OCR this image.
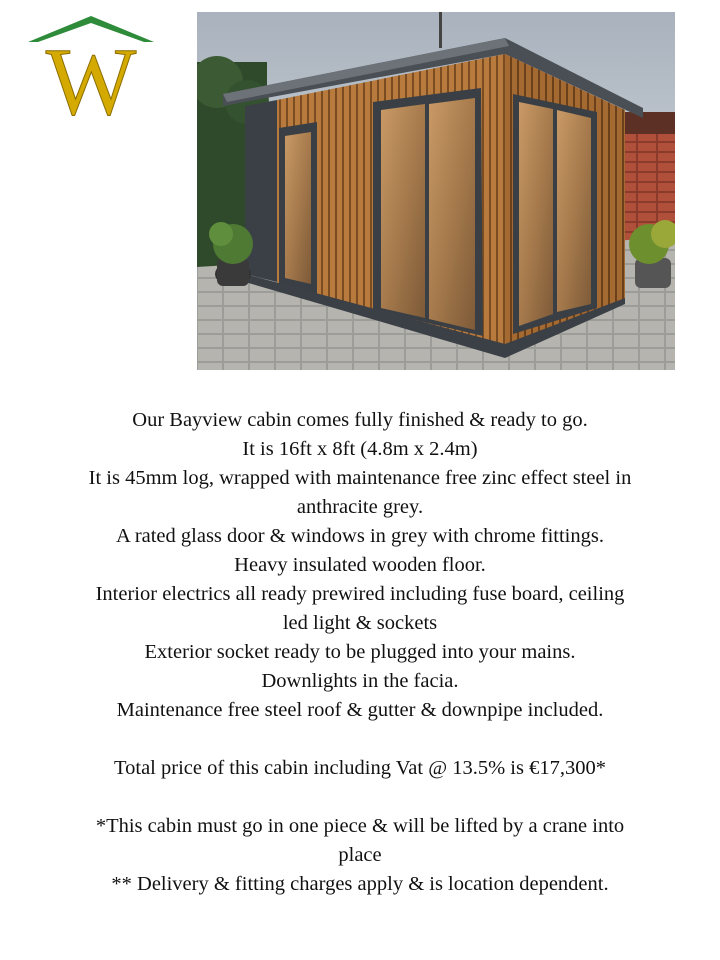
W

Our Bayview cabin comes fully finished & ready to go.

It is 16ft x 8ft (4.8m x 2.4m)

It is 45mm log, wrapped with maintenance free zinc effect steel in

anthracite grey.

A rated glass door & windows in grey with chrome fittings.

Heavy insulated wooden floor.

Interior electrics all ready prewired including fuse board, ceiling

led light & sockets

Exterior socket ready to be plugged into your mains.

Downlights in the facia.

Maintenance free steel roof & gutter & downpipe included.

Total price of this cabin including Vat @ 13.5% is €17,300*

*This cabin must go in one piece & will be lifted by a crane into

place

** Delivery & fitting charges apply & is location dependent.
